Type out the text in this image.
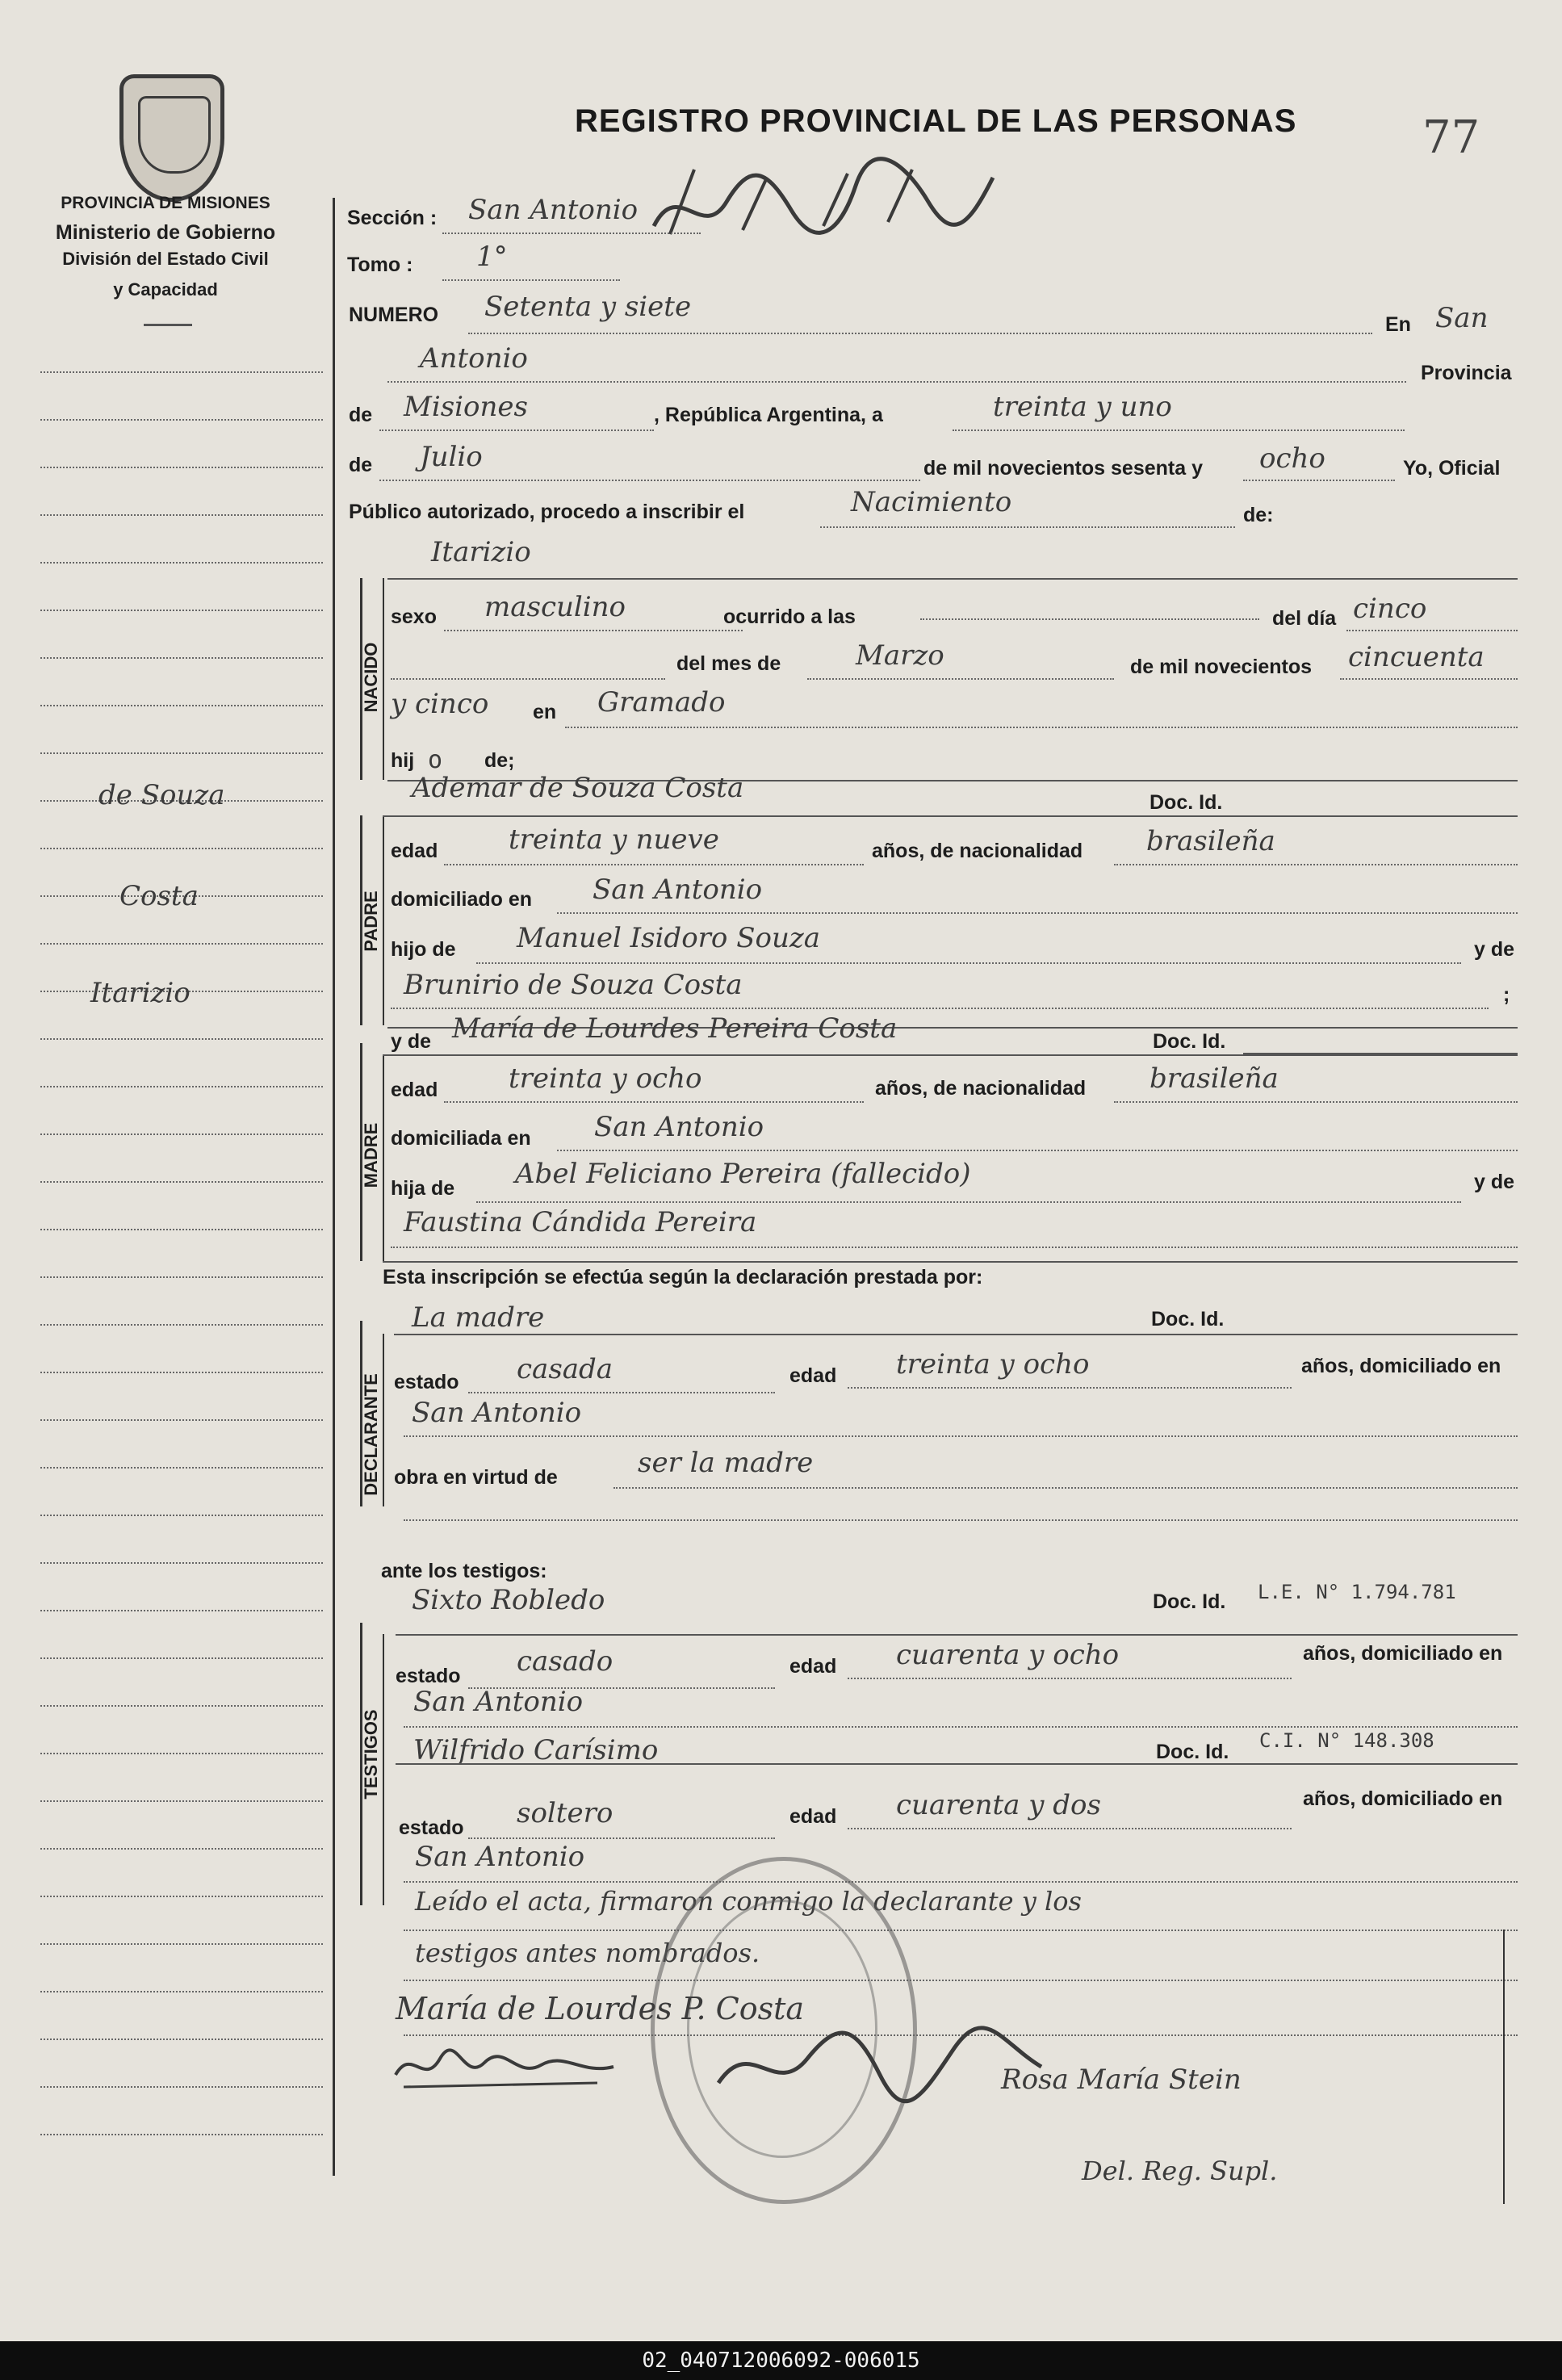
PROVINCIA DE MISIONES
Ministerio de Gobierno
División del Estado Civil
y Capacidad
de Souza
Costa
Itarizio
REGISTRO PROVINCIAL DE LAS PERSONAS	77
Sección : San Antonio
Tomo : 1°
NUMERO Setenta y siete
En San
Antonio	Provincia
de Misiones	, República Argentina, a	treinta y uno
de Julio	de mil novecientos sesenta y ocho	Yo, Oficial
Público autorizado, procedo a inscribir el	Nacimiento	de:
Itarizio
NACIDO
sexo masculino	ocurrido a las	del día cinco
del mes de	Marzo	de mil novecientos cincuenta
y cinco en Gramado
hij o de;
Ademar de Souza Costa	Doc. Id.
PADRE
edad	treinta y nueve	años, de nacionalidad brasileña
domiciliado en San Antonio
hijo de Manuel Isidoro Souza	y de
Brunirio de Souza Costa	;
y de María de Lourdes Pereira Costa	Doc. Id.
MADRE
edad	treinta y ocho	años, de nacionalidad brasileña
domiciliada en San Antonio
hija de Abel Feliciano Pereira (fallecido)	y de
Faustina Cándida Pereira
Esta inscripción se efectúa según la declaración prestada por:
La madre	Doc. Id.
DECLARANTE estado casada	edad treinta y ocho	años, domiciliado en
San Antonio
obra en virtud de	ser la madre
ante los testigos:
Sixto Robledo	Doc. Id. L.E. N° 1.794.781
TESTIGOS
estado casado	edad cuarenta y ocho	años, domiciliado en
San Antonio
Wilfrido Carísimo	Doc. Id. C.I. N° 148.308
estado soltero	edad cuarenta y dos	años, domiciliado en
San Antonio
Leído el acta, firmaron conmigo la declarante y los
testigos antes nombrados.
María de Lourdes P. Costa
Rosa María Stein
Del. Reg. Supl.
02_040712006092-006015
